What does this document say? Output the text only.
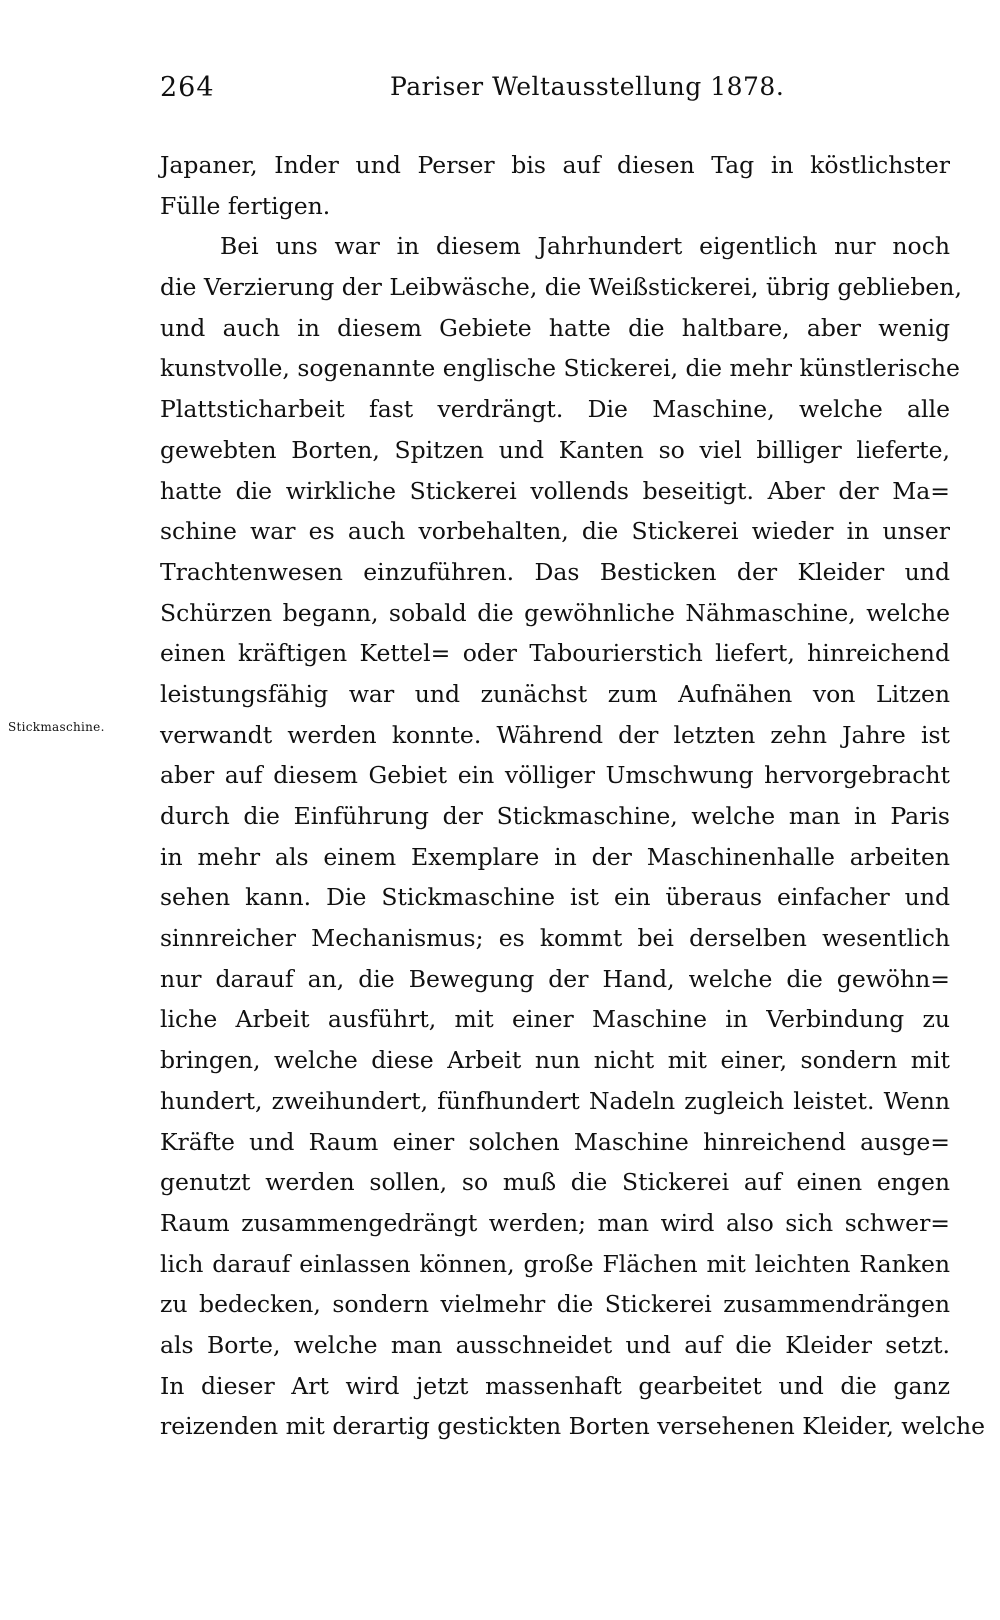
264	Pariser Weltausstellung 1878.
Stickmaschine.
Japaner, Inder und Perser bis auf diesen Tag in köstlichster
Fülle fertigen.
Bei uns war in diesem Jahrhundert eigentlich nur noch
die Verzierung der Leibwäsche, die Weißstickerei, übrig geblieben,
und auch in diesem Gebiete hatte die haltbare, aber wenig
kunstvolle, sogenannte englische Stickerei, die mehr künstlerische
Plattsticharbeit fast verdrängt. Die Maschine, welche alle
gewebten Borten, Spitzen und Kanten so viel billiger lieferte,
hatte die wirkliche Stickerei vollends beseitigt. Aber der Ma=
schine war es auch vorbehalten, die Stickerei wieder in unser
Trachtenwesen einzuführen. Das Besticken der Kleider und
Schürzen begann, sobald die gewöhnliche Nähmaschine, welche
einen kräftigen Kettel= oder Tabourierstich liefert, hinreichend
leistungsfähig war und zunächst zum Aufnähen von Litzen
verwandt werden konnte. Während der letzten zehn Jahre ist
aber auf diesem Gebiet ein völliger Umschwung hervorgebracht
durch die Einführung der Stickmaschine, welche man in Paris
in mehr als einem Exemplare in der Maschinenhalle arbeiten
sehen kann. Die Stickmaschine ist ein überaus einfacher und
sinnreicher Mechanismus; es kommt bei derselben wesentlich
nur darauf an, die Bewegung der Hand, welche die gewöhn=
liche Arbeit ausführt, mit einer Maschine in Verbindung zu
bringen, welche diese Arbeit nun nicht mit einer, sondern mit
hundert, zweihundert, fünfhundert Nadeln zugleich leistet. Wenn
Kräfte und Raum einer solchen Maschine hinreichend ausge=
genutzt werden sollen, so muß die Stickerei auf einen engen
Raum zusammengedrängt werden; man wird also sich schwer=
lich darauf einlassen können, große Flächen mit leichten Ranken
zu bedecken, sondern vielmehr die Stickerei zusammendrängen
als Borte, welche man ausschneidet und auf die Kleider setzt.
In dieser Art wird jetzt massenhaft gearbeitet und die ganz
reizenden mit derartig gestickten Borten versehenen Kleider, welche
